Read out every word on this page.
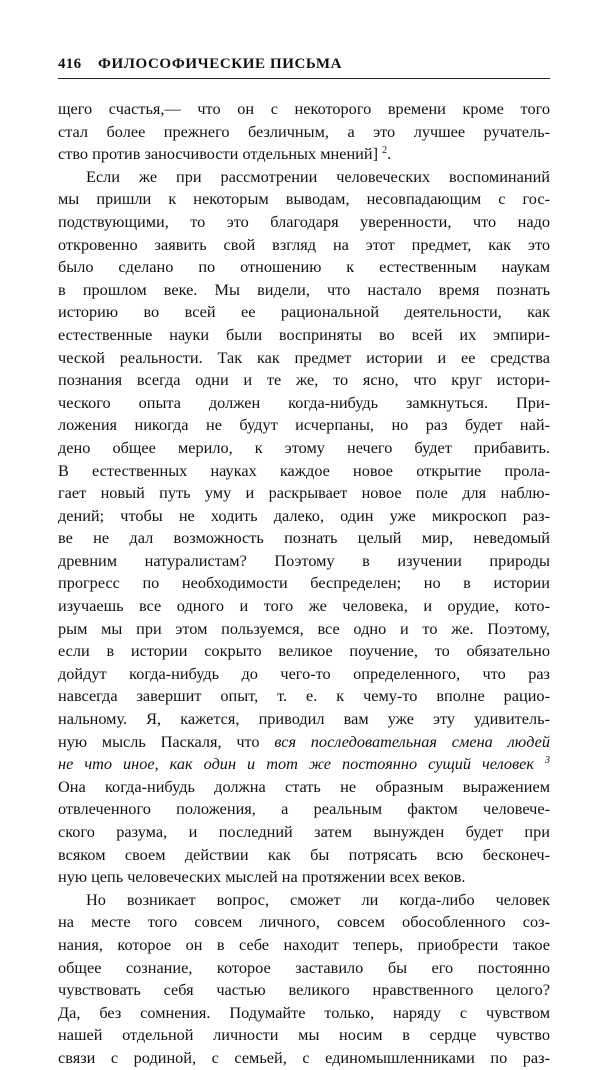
416 ФИЛОСОФИЧЕСКИЕ ПИСЬМА
щего счастья,— что он с некоторого времени кроме того
стал более прежнего безличным, а это лучшее ручатель-
ство против заносчивости отдельных мнений] $^2$.
Если же при рассмотрении человеческих воспоминаний
мы пришли к некоторым выводам, несовпадающим с гос-
подствующими, то это благодаря уверенности, что надо
откровенно заявить свой взгляд на этот предмет, как это
было сделано по отношению к естественным наукам
в прошлом веке. Мы видели, что настало время познать
историю во всей ее рациональной деятельности, как
естественные науки были восприняты во всей их эмпири-
ческой реальности. Так как предмет истории и ее средства
познания всегда одни и те же, то ясно, что круг истори-
ческого опыта должен когда-нибудь замкнуться. При-
ложения никогда не будут исчерпаны, но раз будет най-
дено общее мерило, к этому нечего будет прибавить.
В естественных науках каждое новое открытие прола-
гает новый путь уму и раскрывает новое поле для наблю-
дений; чтобы не ходить далеко, один уже микроскоп раз-
ве не дал возможность познать целый мир, неведомый
древним натуралистам? Поэтому в изучении природы
прогресс по необходимости беспределен; но в истории
изучаешь все одного и того же человека, и орудие, кото-
рым мы при этом пользуемся, все одно и то же. Поэтому,
если в истории сокрыто великое поучение, то обязательно
дойдут когда-нибудь до чего-то определенного, что раз
навсегда завершит опыт, т. е. к чему-то вполне рацио-
нальному. Я, кажется, приводил вам уже эту удивитель-
ную мысль Паскаля, что вся последовательная смена людей
не что иное, как один и тот же постоянно сущий человек $^3$
Она когда-нибудь должна стать не образным выражением
отвлеченного положения, а реальным фактом человече-
ского разума, и последний затем вынужден будет при
всяком своем действии как бы потрясать всю бесконеч-
ную цепь человеческих мыслей на протяжении всех веков.
Но возникает вопрос, сможет ли когда-либо человек
на месте того совсем личного, совсем обособленного соз-
нания, которое он в себе находит теперь, приобрести такое
общее сознание, которое заставило бы его постоянно
чувствовать себя частью великого нравственного целого?
Да, без сомнения. Подумайте только, наряду с чувством
нашей отдельной личности мы носим в сердце чувство
связи с родиной, с семьей, с единомышленниками по раз-
